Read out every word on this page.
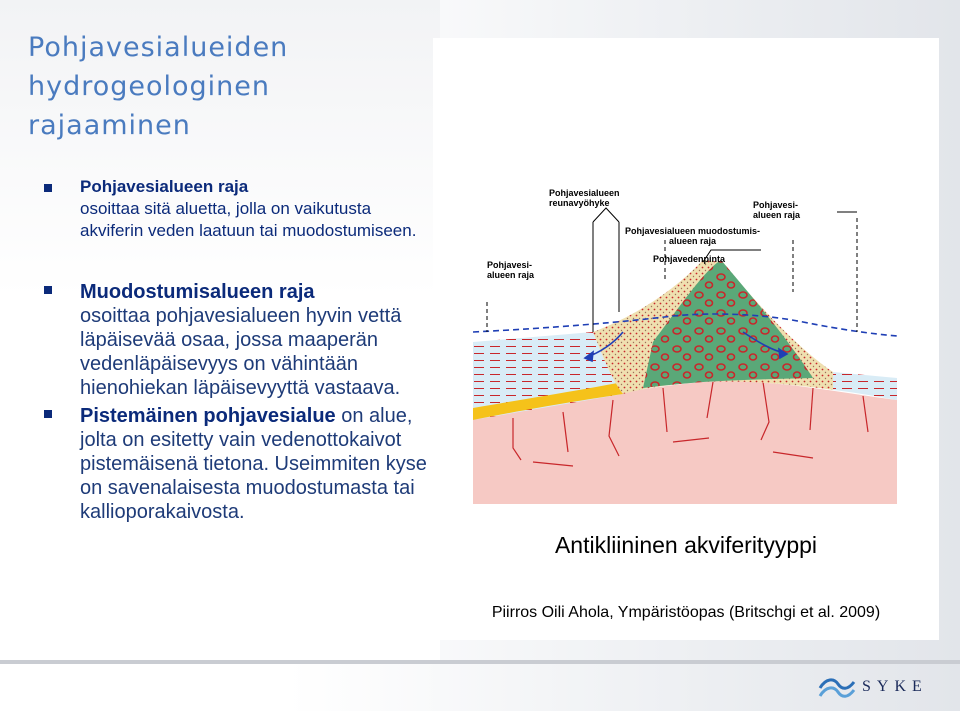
Pohjavesialueiden hydrogeologinen rajaaminen
Pohjavesialueen raja
osoittaa sitä aluetta, jolla on vaikutusta akviferin veden laatuun tai muodostumiseen.
Muodostumisalueen raja
osoittaa pohjavesialueen hyvin vettä läpäisevää osaa, jossa maaperän vedenläpäisevyys on vähintään hienohiekan läpäisevyyttä vastaava.
Pistemäinen pohjavesialue on alue, jolta on esitetty vain vedenottokaivot pistemäisenä tietona. Useimmiten kyse on savenalaisesta muodostumasta tai kallioporakaivosta.
Pohjavesialueen
reunavyöhyke	Pohjavesi-
alueen raja
Pohjavesialueen muodostumis-
alueen raja
Pohjavedenpinta
Pohjavesi-
alueen raja
Antikliininen akviferityyppi
Piirros Oili Ahola, Ympäristöopas (Britschgi et al. 2009)
SYKE
